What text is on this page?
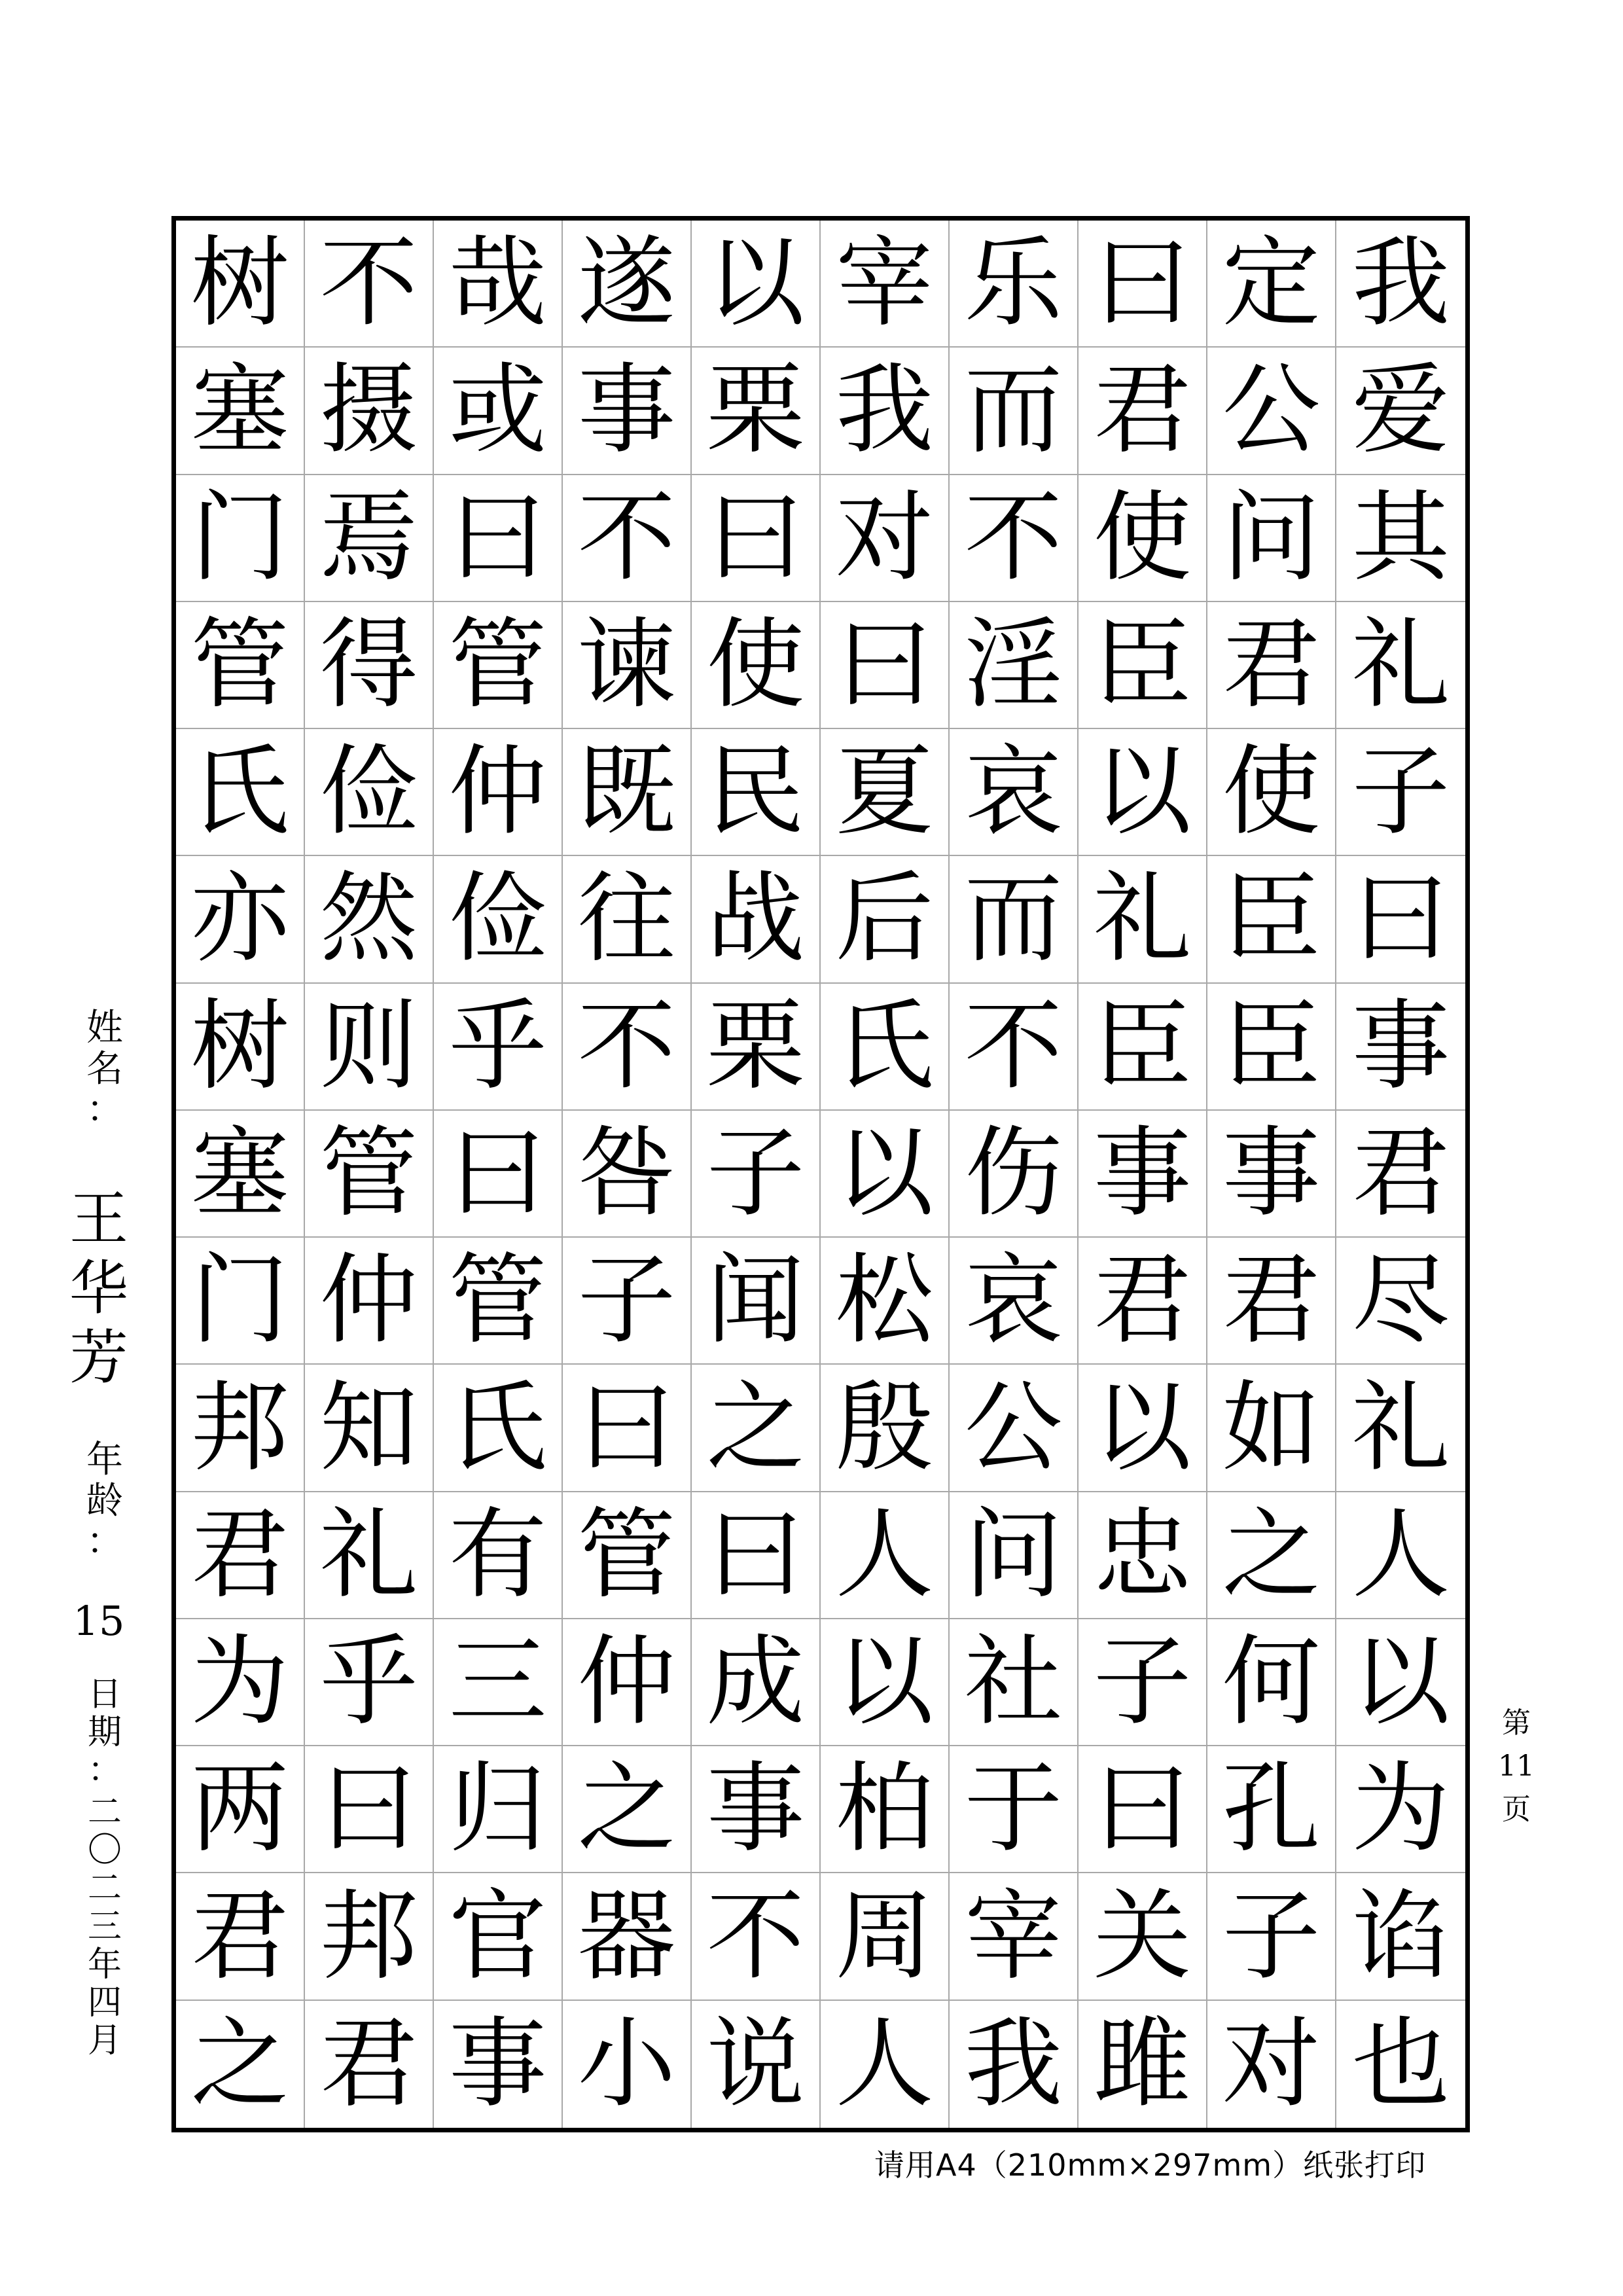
树 不 哉 遂 以 宰 乐 曰 定 我
塞 摄 或 事 栗 我 而 君 公 爱
门 焉 曰 不 曰 对 不 使 问 其
管 得 管 谏 使 曰 淫 臣 君 礼
氏 俭 仲 既 民 夏 哀 以 使 子
亦 然 俭 往 战 后 而 礼 臣 曰
树 则 乎 不 栗 氏 不 臣 臣 事
塞 管 曰 咎 子 以 伤 事 事 君
门 仲 管 子 闻 松 哀 君 君 尽
邦 知 氏 曰 之 殷 公 以 如 礼
君 礼 有 管 曰 人 问 忠 之 人
为 乎 三 仲 成 以 社 子 何 以
两 曰 归 之 事 柏 于 曰 孔 为
君 邦 官 器 不 周 宰 关 子 谄
之 君 事 小 说 人 我 雎 对 也
姓
名
：
王
华
芳
年
龄
：
15
日
期
：
二
〇
二
三
年
四
月
第
11
页
请用A4（210mm×297mm）纸张打印
